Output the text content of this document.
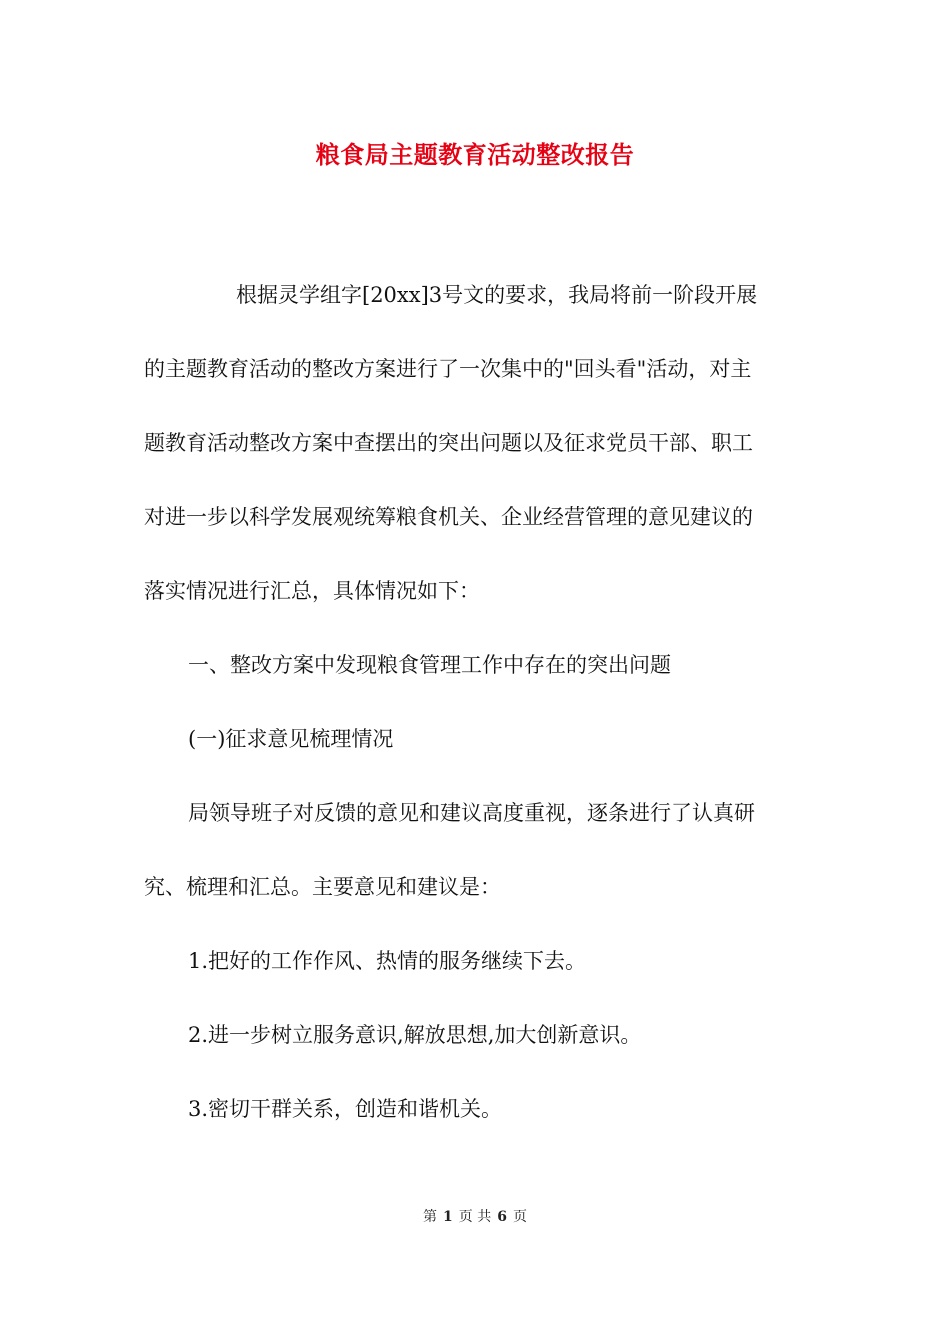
粮食局主题教育活动整改报告
根据灵学组字[20xx]3号文的要求，我局将前一阶段开展
的主题教育活动的整改方案进行了一次集中的"回头看"活动，对主
题教育活动整改方案中查摆出的突出问题以及征求党员干部、职工
对进一步以科学发展观统筹粮食机关、企业经营管理的意见建议的
落实情况进行汇总，具体情况如下：
一、整改方案中发现粮食管理工作中存在的突出问题
(一)征求意见梳理情况
局领导班子对反馈的意见和建议高度重视，逐条进行了认真研
究、梳理和汇总。主要意见和建议是：
1.把好的工作作风、热情的服务继续下去。
2.进一步树立服务意识,解放思想,加大创新意识。
3.密切干群关系，创造和谐机关。
第 1 页 共 6 页
